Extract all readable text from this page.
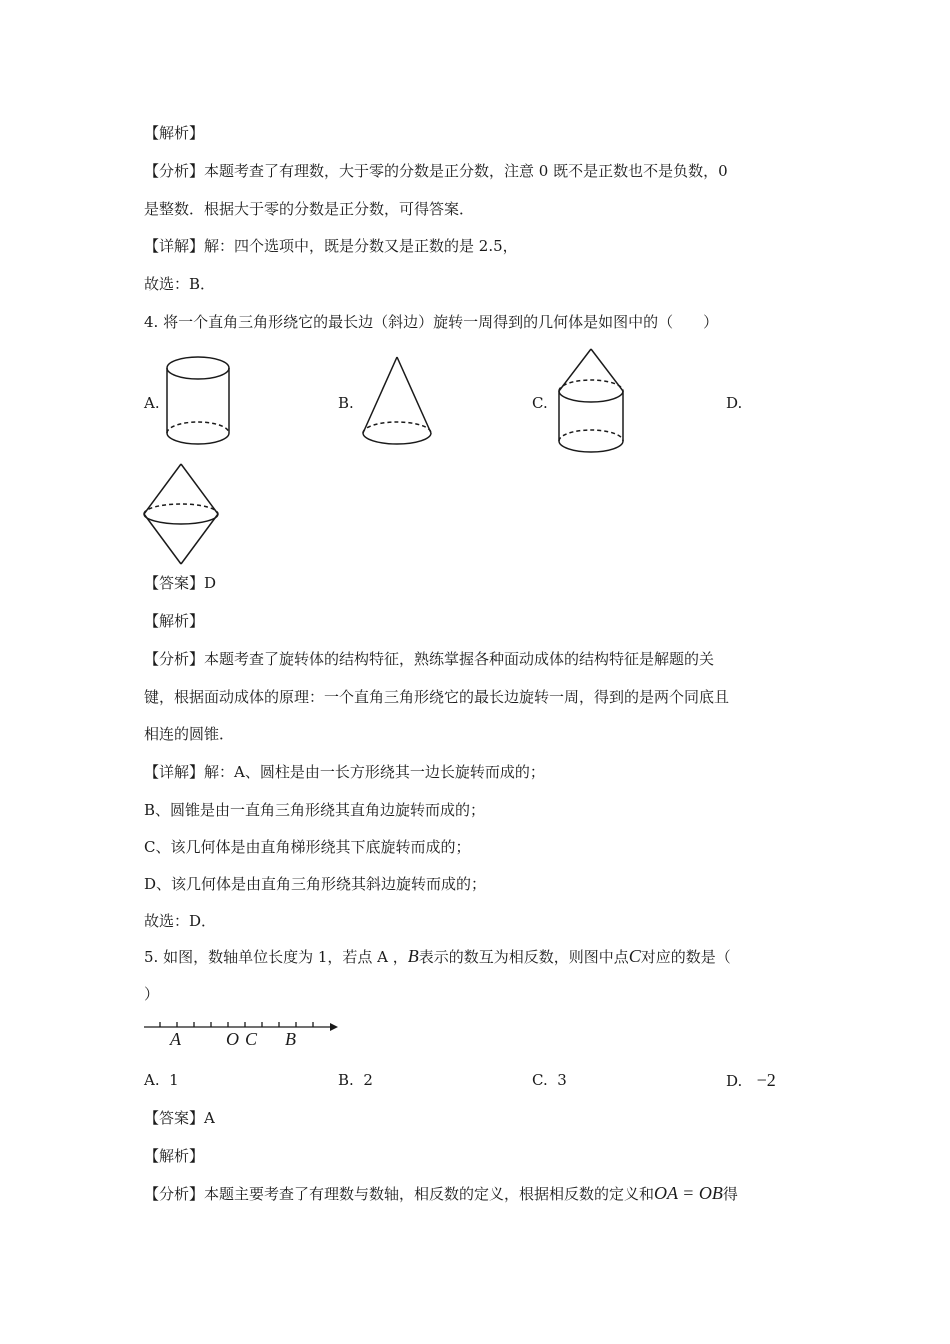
【解析】
【分析】本题考查了有理数，大于零的分数是正分数，注意 0 既不是正数也不是负数，0
是整数．根据大于零的分数是正分数，可得答案．
【详解】解：四个选项中，既是分数又是正数的是 2.5，
故选：B．
4. 将一个直角三角形绕它的最长边（斜边）旋转一周得到的几何体是如图中的（　　）
A.	B.	C.	D.
【答案】D
【解析】
【分析】本题考查了旋转体的结构特征，熟练掌握各种面动成体的结构特征是解题的关
键，根据面动成体的原理：一个直角三角形绕它的最长边旋转一周，得到的是两个同底且
相连的圆锥．
【详解】解：A、圆柱是由一长方形绕其一边长旋转而成的；
B、圆锥是由一直角三角形绕其直角边旋转而成的；
C、该几何体是由直角梯形绕其下底旋转而成的；
D、该几何体是由直角三角形绕其斜边旋转而成的；
故选：D．
5. 如图，数轴单位长度为 1，若点 A ，B表示的数互为相反数，则图中点C对应的数是（
）
A	O C B
A. 1	B. 2	C. 3	D. −2
【答案】A
【解析】
【分析】本题主要考查了有理数与数轴，相反数的定义，根据相反数的定义和OA = OB得
